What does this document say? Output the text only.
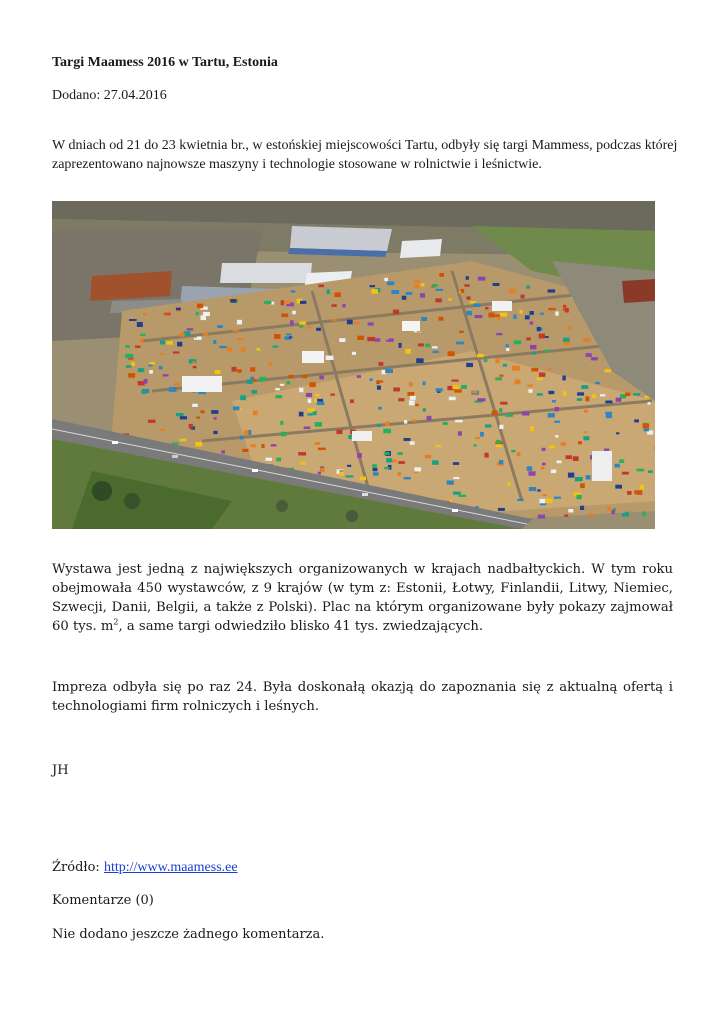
Targi Maamess 2016 w Tartu, Estonia
Dodano: 27.04.2016
W dniach od 21 do 23 kwietnia br., w estońskiej miejscowości Tartu, odbyły się targi Mammess, podczas której zaprezentowano najnowsze maszyny i technologie stosowane w rolnictwie i leśnictwie.
Wystawa jest jedną z największych organizowanych w krajach nadbałtyckich. W tym roku obejmowała 450 wystawców, z 9 krajów (w tym z: Estonii, Łotwy, Finlandii, Litwy, Niemiec, Szwecji, Danii, Belgii, a także z Polski). Plac na którym organizowane były pokazy zajmował 60 tys. $m^2$, a same targi odwiedziło blisko 41 tys. zwiedzających.
Impreza odbyła się po raz 24. Była doskonałą okazją do zapoznania się z aktualną ofertą i technologiami firm rolniczych i leśnych.
JH
Źródło: http://www.maamess.ee
Komentarze (0)
Nie dodano jeszcze żadnego komentarza.
